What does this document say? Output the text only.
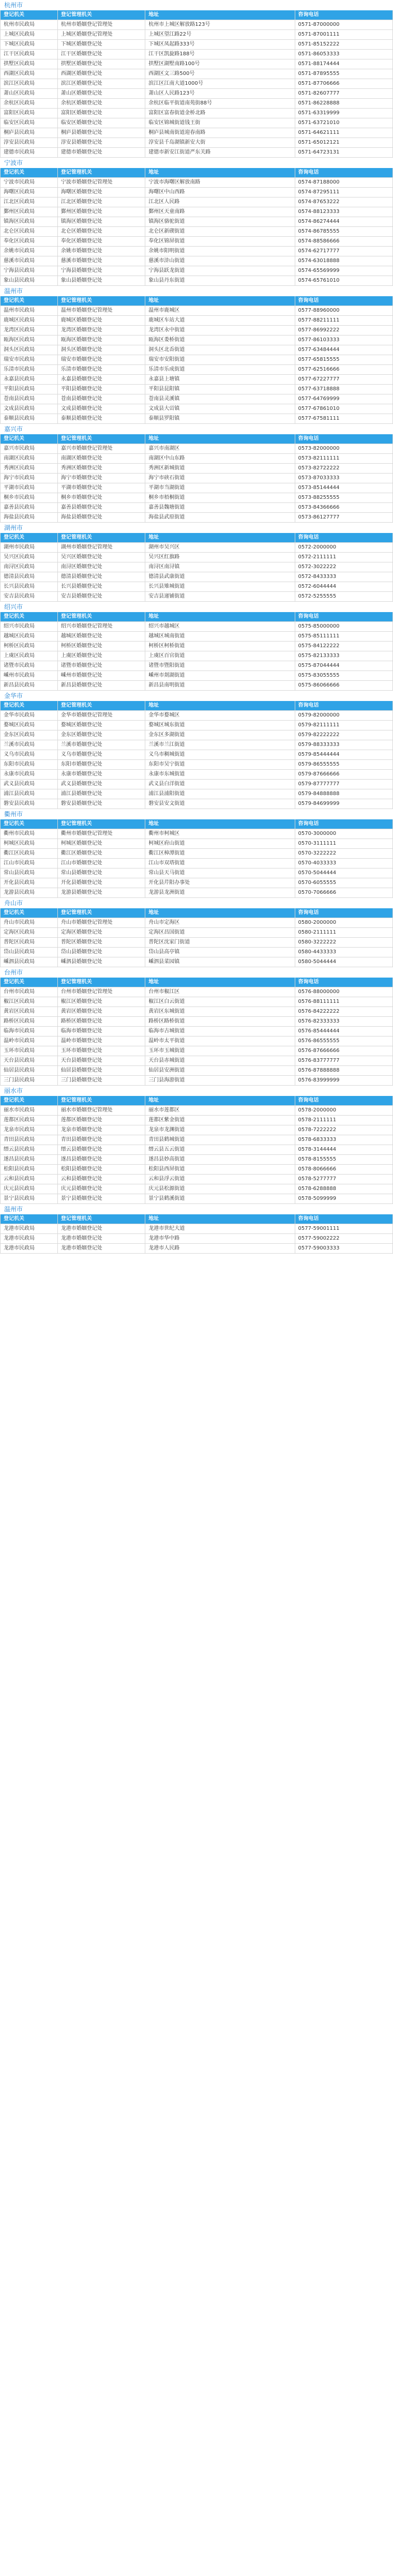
杭州市
登记机关	登记管理机关	地址	咨询电话
杭州市民政局	杭州市婚姻登记管理处	杭州市上城区解放路123号	0571-87000000
上城区民政局	上城区婚姻登记管理处	上城区望江路22号	0571-87001111
下城区民政局	下城区婚姻登记处	下城区凤起路333号	0571-85152222
江干区民政局	江干区婚姻登记处	江干区凯旋路188号	0571-86053333
拱墅区民政局	拱墅区婚姻登记处	拱墅区湖墅南路100号	0571-88174444
西湖区民政局	西湖区婚姻登记处	西湖区文三路500号	0571-87895555
滨江区民政局	滨江区婚姻登记处	滨江区江南大道1000号	0571-87706666
萧山区民政局	萧山区婚姻登记处	萧山区人民路123号	0571-82607777
余杭区民政局	余杭区婚姻登记处	余杭区临平街道南苑街88号	0571-86228888
富阳区民政局	富阳区婚姻登记处	富阳区富春街道金桥北路	0571-63319999
临安区民政局	临安区婚姻登记处	临安区锦城街道钱王街	0571-63721010
桐庐县民政局	桐庐县婚姻登记处	桐庐县城南街道迎春南路	0571-64621111
淳安县民政局	淳安县婚姻登记处	淳安县千岛湖镇新安大街	0571-65012121
建德市民政局	建德市婚姻登记处	建德市新安江街道严东关路	0571-64723131
宁波市
登记机关	登记管理机关	地址	咨询电话
宁波市民政局	宁波市婚姻登记管理处	宁波市海曙区解放南路	0574-87188000
海曙区民政局	海曙区婚姻登记处	海曙区中山西路	0574-87295111
江北区民政局	江北区婚姻登记处	江北区人民路	0574-87653222
鄞州区民政局	鄞州区婚姻登记处	鄞州区天童南路	0574-88123333
镇海区民政局	镇海区婚姻登记处	镇海区骆驼街道	0574-86274444
北仑区民政局	北仑区婚姻登记处	北仑区新碶街道	0574-86785555
奉化区民政局	奉化区婚姻登记处	奉化区锦屏街道	0574-88586666
余姚市民政局	余姚市婚姻登记处	余姚市阳明街道	0574-62717777
慈溪市民政局	慈溪市婚姻登记处	慈溪市浒山街道	0574-63018888
宁海县民政局	宁海县婚姻登记处	宁海县跃龙街道	0574-65569999
象山县民政局	象山县婚姻登记处	象山县丹东街道	0574-65761010
温州市
登记机关	登记管理机关	地址	咨询电话
温州市民政局	温州市婚姻登记管理处	温州市鹿城区	0577-88960000
鹿城区民政局	鹿城区婚姻登记处	鹿城区车站大道	0577-88211111
龙湾区民政局	龙湾区婚姻登记处	龙湾区永中街道	0577-86992222
瓯海区民政局	瓯海区婚姻登记处	瓯海区娄桥街道	0577-86103333
洞头区民政局	洞头区婚姻登记处	洞头区北岙街道	0577-63484444
瑞安市民政局	瑞安市婚姻登记处	瑞安市安阳街道	0577-65815555
乐清市民政局	乐清市婚姻登记处	乐清市乐成街道	0577-62516666
永嘉县民政局	永嘉县婚姻登记处	永嘉县上塘镇	0577-67227777
平阳县民政局	平阳县婚姻登记处	平阳县昆阳镇	0577-63718888
苍南县民政局	苍南县婚姻登记处	苍南县灵溪镇	0577-64769999
文成县民政局	文成县婚姻登记处	文成县大峃镇	0577-67861010
泰顺县民政局	泰顺县婚姻登记处	泰顺县罗阳镇	0577-67581111
嘉兴市
登记机关	登记管理机关	地址	咨询电话
嘉兴市民政局	嘉兴市婚姻登记管理处	嘉兴市南湖区	0573-82000000
南湖区民政局	南湖区婚姻登记处	南湖区中山东路	0573-82111111
秀洲区民政局	秀洲区婚姻登记处	秀洲区新城街道	0573-82722222
海宁市民政局	海宁市婚姻登记处	海宁市硖石街道	0573-87033333
平湖市民政局	平湖市婚姻登记处	平湖市当湖街道	0573-85144444
桐乡市民政局	桐乡市婚姻登记处	桐乡市梧桐街道	0573-88255555
嘉善县民政局	嘉善县婚姻登记处	嘉善县魏塘街道	0573-84366666
海盐县民政局	海盐县婚姻登记处	海盐县武原街道	0573-86127777
湖州市
登记机关	登记管理机关	地址	咨询电话
湖州市民政局	湖州市婚姻登记管理处	湖州市吴兴区	0572-2000000
吴兴区民政局	吴兴区婚姻登记处	吴兴区红旗路	0572-2111111
南浔区民政局	南浔区婚姻登记处	南浔区南浔镇	0572-3022222
德清县民政局	德清县婚姻登记处	德清县武康街道	0572-8433333
长兴县民政局	长兴县婚姻登记处	长兴县雉城街道	0572-6044444
安吉县民政局	安吉县婚姻登记处	安吉县递铺街道	0572-5255555
绍兴市
登记机关	登记管理机关	地址	咨询电话
绍兴市民政局	绍兴市婚姻登记管理处	绍兴市越城区	0575-85000000
越城区民政局	越城区婚姻登记处	越城区城南街道	0575-85111111
柯桥区民政局	柯桥区婚姻登记处	柯桥区柯桥街道	0575-84122222
上虞区民政局	上虞区婚姻登记处	上虞区百官街道	0575-82133333
诸暨市民政局	诸暨市婚姻登记处	诸暨市暨阳街道	0575-87044444
嵊州市民政局	嵊州市婚姻登记处	嵊州市剡湖街道	0575-83055555
新昌县民政局	新昌县婚姻登记处	新昌县南明街道	0575-86066666
金华市
登记机关	登记管理机关	地址	咨询电话
金华市民政局	金华市婚姻登记管理处	金华市婺城区	0579-82000000
婺城区民政局	婺城区婚姻登记处	婺城区城东街道	0579-82111111
金东区民政局	金东区婚姻登记处	金东区多湖街道	0579-82222222
兰溪市民政局	兰溪市婚姻登记处	兰溪市兰江街道	0579-88333333
义乌市民政局	义乌市婚姻登记处	义乌市稠城街道	0579-85444444
东阳市民政局	东阳市婚姻登记处	东阳市吴宁街道	0579-86555555
永康市民政局	永康市婚姻登记处	永康市东城街道	0579-87666666
武义县民政局	武义县婚姻登记处	武义县白洋街道	0579-87777777
浦江县民政局	浦江县婚姻登记处	浦江县浦阳街道	0579-84888888
磐安县民政局	磐安县婚姻登记处	磐安县安文街道	0579-84699999
衢州市
登记机关	登记管理机关	地址	咨询电话
衢州市民政局	衢州市婚姻登记管理处	衢州市柯城区	0570-3000000
柯城区民政局	柯城区婚姻登记处	柯城区府山街道	0570-3111111
衢江区民政局	衢江区婚姻登记处	衢江区樟潭街道	0570-3222222
江山市民政局	江山市婚姻登记处	江山市双塔街道	0570-4033333
常山县民政局	常山县婚姻登记处	常山县天马街道	0570-5044444
开化县民政局	开化县婚姻登记处	开化县芹阳办事处	0570-6055555
龙游县民政局	龙游县婚姻登记处	龙游县龙洲街道	0570-7066666
舟山市
登记机关	登记管理机关	地址	咨询电话
舟山市民政局	舟山市婚姻登记管理处	舟山市定海区	0580-2000000
定海区民政局	定海区婚姻登记处	定海区昌国街道	0580-2111111
普陀区民政局	普陀区婚姻登记处	普陀区沈家门街道	0580-3222222
岱山县民政局	岱山县婚姻登记处	岱山县高亭镇	0580-4433333
嵊泗县民政局	嵊泗县婚姻登记处	嵊泗县菜园镇	0580-5044444
台州市
登记机关	登记管理机关	地址	咨询电话
台州市民政局	台州市婚姻登记管理处	台州市椒江区	0576-88000000
椒江区民政局	椒江区婚姻登记处	椒江区白云街道	0576-88111111
黄岩区民政局	黄岩区婚姻登记处	黄岩区东城街道	0576-84222222
路桥区民政局	路桥区婚姻登记处	路桥区路桥街道	0576-82333333
临海市民政局	临海市婚姻登记处	临海市古城街道	0576-85444444
温岭市民政局	温岭市婚姻登记处	温岭市太平街道	0576-86555555
玉环市民政局	玉环市婚姻登记处	玉环市玉城街道	0576-87666666
天台县民政局	天台县婚姻登记处	天台县赤城街道	0576-83777777
仙居县民政局	仙居县婚姻登记处	仙居县安洲街道	0576-87888888
三门县民政局	三门县婚姻登记处	三门县海游街道	0576-83999999
丽水市
登记机关	登记管理机关	地址	咨询电话
丽水市民政局	丽水市婚姻登记管理处	丽水市莲都区	0578-2000000
莲都区民政局	莲都区婚姻登记处	莲都区紫金街道	0578-2111111
龙泉市民政局	龙泉市婚姻登记处	龙泉市龙渊街道	0578-7222222
青田县民政局	青田县婚姻登记处	青田县鹤城街道	0578-6833333
缙云县民政局	缙云县婚姻登记处	缙云县五云街道	0578-3144444
遂昌县民政局	遂昌县婚姻登记处	遂昌县妙高街道	0578-8155555
松阳县民政局	松阳县婚姻登记处	松阳县西屏街道	0578-8066666
云和县民政局	云和县婚姻登记处	云和县浮云街道	0578-5277777
庆元县民政局	庆元县婚姻登记处	庆元县松源街道	0578-6288888
景宁县民政局	景宁县婚姻登记处	景宁县鹤溪街道	0578-5099999
温州市
登记机关	登记管理机关	地址	咨询电话
龙港市民政局	龙港市婚姻登记处	龙港市世纪大道	0577-59001111
龙港市民政局	龙港市婚姻登记处	龙港市华中路	0577-59002222
龙港市民政局	龙港市婚姻登记处	龙港市人民路	0577-59003333
